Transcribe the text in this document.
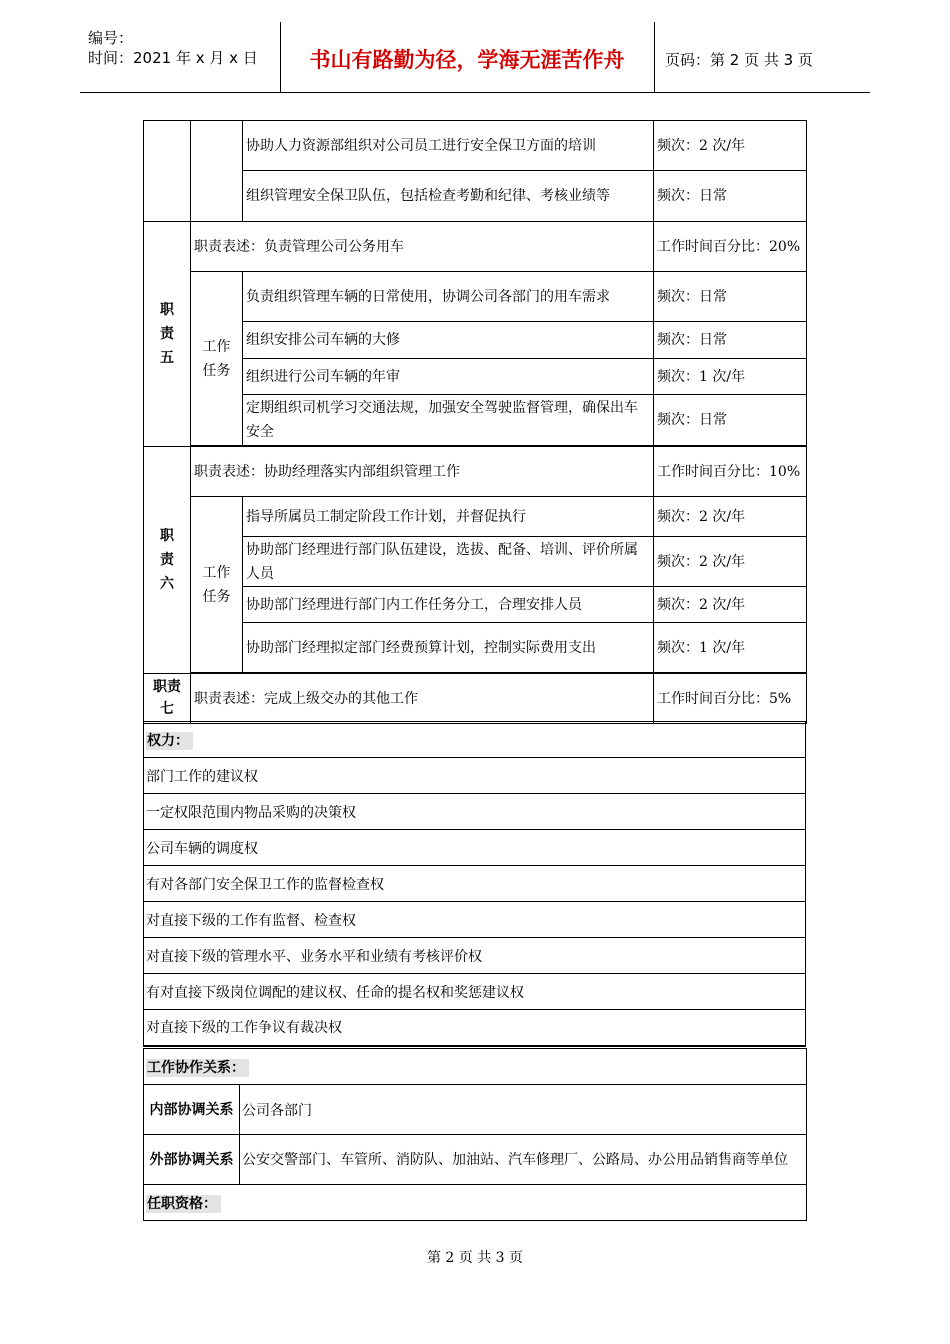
编号：
时间：2021 年 x 月 x 日	书山有路勤为径，学海无涯苦作舟	页码：第 2 页 共 3 页
		协助人力资源部组织对公司员工进行安全保卫方面的培训	频次：2 次/年
		组织管理安全保卫队伍，包括检查考勤和纪律、考核业绩等	频次：日常
职责五	职责表述：负责管理公司公务用车		工作时间百分比：20%
	工作任务	负责组织管理车辆的日常使用，协调公司各部门的用车需求	频次：日常
		组织安排公司车辆的大修	频次：日常
		组织进行公司车辆的年审	频次：1 次/年
		定期组织司机学习交通法规，加强安全驾驶监督管理，确保出车安全	频次：日常

职责六	职责表述：协助经理落实内部组织管理工作		工作时间百分比：10%
	工作任务	指导所属员工制定阶段工作计划，并督促执行	频次：2 次/年
		协助部门经理进行部门队伍建设，选拔、配备、培训、评价所属人员	频次：2 次/年
		协助部门经理进行部门内工作任务分工，合理安排人员	频次：2 次/年
		协助部门经理拟定部门经费预算计划，控制实际费用支出	频次：1 次/年

职责七	职责表述：完成上级交办的其他工作		工作时间百分比：5%
权力：
部门工作的建议权
一定权限范围内物品采购的决策权
公司车辆的调度权
有对各部门安全保卫工作的监督检查权
对直接下级的工作有监督、检查权
对直接下级的管理水平、业务水平和业绩有考核评价权
有对直接下级岗位调配的建议权、任命的提名权和奖惩建议权
对直接下级的工作争议有裁决权
工作协作关系：	
内部协调关系	公司各部门
外部协调关系	公安交警部门、车管所、消防队、加油站、汽车修理厂、公路局、办公用品销售商等单位
任职资格：	
第 2 页 共 3 页
